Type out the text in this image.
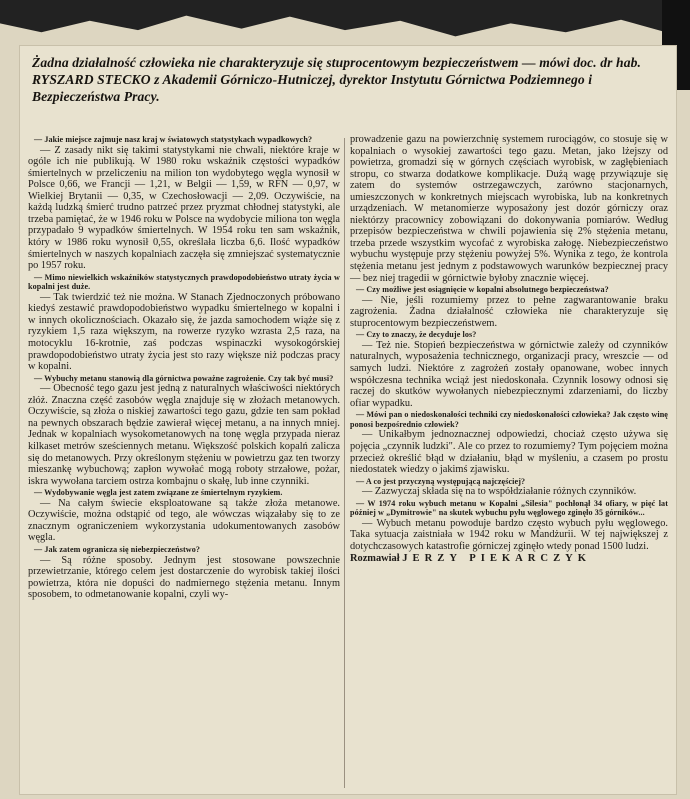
Żadna działalność człowieka nie charakteryzuje się stuprocentowym bezpieczeństwem — mówi doc. dr hab. RYSZARD STECKO z Akademii Górniczo-Hutniczej, dyrektor Instytutu Górnictwa Podziemnego i Bezpieczeństwa Pracy.

— Jakie miejsce zajmuje nasz kraj w światowych statystykach wypadkowych?

— Z zasady nikt się takimi statystykami nie chwali, niektóre kraje w ogóle ich nie publikują. W 1980 roku wskaźnik częstości wypadków śmiertelnych w przeliczeniu na milion ton wydobytego węgla wynosił w Polsce 0,66, we Francji — 1,21, w Belgii — 1,59, w RFN — 0,97, w Wielkiej Brytanii — 0,35, w Czechosłowacji — 2,09. Oczywiście, na każdą ludzką śmierć trudno patrzeć przez pryzmat chłodnej statystyki, ale trzeba pamiętać, że w 1946 roku w Polsce na wydobycie miliona ton węgla przypadało 9 wypadków śmiertelnych. W 1954 roku ten sam wskaźnik, który w 1986 roku wynosił 0,55, określała liczba 6,6. Ilość wypadków śmiertelnych w naszych kopalniach zaczęła się zmniejszać systematycznie po 1957 roku.

— Mimo niewielkich wskaźników statystycznych prawdopodobieństwo utraty życia w kopalni jest duże.

— Tak twierdzić też nie można. W Stanach Zjednoczonych próbowano kiedyś zestawić prawdopodobieństwo wypadku śmiertelnego w kopalni i w innych okolicznościach. Okazało się, że jazda samochodem wiąże się z ryzykiem 1,5 raza większym, na rowerze ryzyko wzrasta 2,5 raza, na motocyklu 16-krotnie, zaś podczas wspinaczki wysokogórskiej prawdopodobieństwo utraty życia jest sto razy większe niż podczas pracy w kopalni.

— Wybuchy metanu stanowią dla górnictwa poważne zagrożenie. Czy tak być musi?

— Obecność tego gazu jest jedną z naturalnych właściwości niektórych złóż. Znaczna część zasobów węgla znajduje się w złożach metanowych. Oczywiście, są złoża o niskiej zawartości tego gazu, gdzie ten sam pokład na pewnych obszarach będzie zawierał więcej metanu, a na innych mniej. Jednak w kopalniach wysokometanowych na tonę węgla przypada nieraz kilkaset metrów sześciennych metanu. Większość polskich kopalń zalicza się do metanowych. Przy określonym stężeniu w powietrzu gaz ten tworzy mieszankę wybuchową; zapłon wywołać mogą roboty strzałowe, pożar, iskra wywołana tarciem ostrza kombajnu o skałę, lub inne czynniki.

— Wydobywanie węgla jest zatem związane ze śmiertelnym ryzykiem.

— Na całym świecie eksploatowane są także złoża metanowe. Oczywiście, można odstąpić od tego, ale wówczas wiązałaby się to ze znacznym ograniczeniem wykorzystania udokumentowanych zasobów węgla.

— Jak zatem ogranicza się niebezpieczeństwo?

— Są różne sposoby. Jednym jest stosowane powszechnie przewietrzanie, którego celem jest dostarczenie do wyrobisk takiej ilości powietrza, która nie dopuści do nadmiernego stężenia metanu. Innym sposobem, to odmetanowanie kopalni, czyli wy-

prowadzenie gazu na powierzchnię systemem rurociągów, co stosuje się w kopalniach o wysokiej zawartości tego gazu. Metan, jako lżejszy od powietrza, gromadzi się w górnych częściach wyrobisk, w zagłębieniach stropu, co stwarza dodatkowe komplikacje. Dużą wagę przywiązuje się zatem do systemów ostrzegawczych, zarówno stacjonarnych, umieszczonych w konkretnych miejscach wyrobiska, lub na konkretnych urządzeniach. W metanomierze wyposażony jest dozór górniczy oraz niektórzy pracownicy zobowiązani do dokonywania pomiarów. Według przepisów bezpieczeństwa w chwili pojawienia się 2% stężenia metanu, trzeba przede wszystkim wycofać z wyrobiska załogę. Niebezpieczeństwo wybuchu występuje przy stężeniu powyżej 5%. Wynika z tego, że kontrola stężenia metanu jest jednym z podstawowych warunków bezpiecznej pracy — bez niej tragedii w górnictwie byłoby znacznie więcej.

— Czy możliwe jest osiągnięcie w kopalni absolutnego bezpieczeństwa?

— Nie, jeśli rozumiemy przez to pełne zagwarantowanie braku zagrożenia. Żadna działalność człowieka nie charakteryzuje się stuprocentowym bezpieczeństwem.

— Czy to znaczy, że decyduje los?

— Też nie. Stopień bezpieczeństwa w górnictwie zależy od czynników naturalnych, wyposażenia technicznego, organizacji pracy, wreszcie — od samych ludzi. Niektóre z zagrożeń zostały opanowane, wobec innych współczesna technika wciąż jest niedoskonała. Czynnik losowy odnosi się raczej do skutków wywołanych niebezpiecznymi zdarzeniami, do liczby ofiar wypadku.

— Mówi pan o niedoskonałości techniki czy niedoskonałości człowieka? Jak często winę ponosi bezpośrednio człowiek?

— Unikałbym jednoznacznej odpowiedzi, chociaż często używa się pojęcia „czynnik ludzki". Ale co przez to rozumiemy? Tym pojęciem można przecież określić błąd w działaniu, błąd w myśleniu, a czasem po prostu niedostatek wiedzy o jakimś zjawisku.

— A co jest przyczyną występującą najczęściej?

— Zazwyczaj składa się na to współdziałanie różnych czynników.

— W 1974 roku wybuch metanu w Kopalni „Silesia" pochłonął 34 ofiary, w pięć lat później w „Dymitrowie" na skutek wybuchu pyłu węglowego zginęło 35 górników...

— Wybuch metanu powoduje bardzo często wybuch pyłu węglowego. Taka sytuacja zaistniała w 1942 roku w Mandżurii. W tej największej z dotychczasowych katastrofie górniczej zginęło wtedy ponad 1500 ludzi.

Rozmawiał JERZY PIEKARCZYK
